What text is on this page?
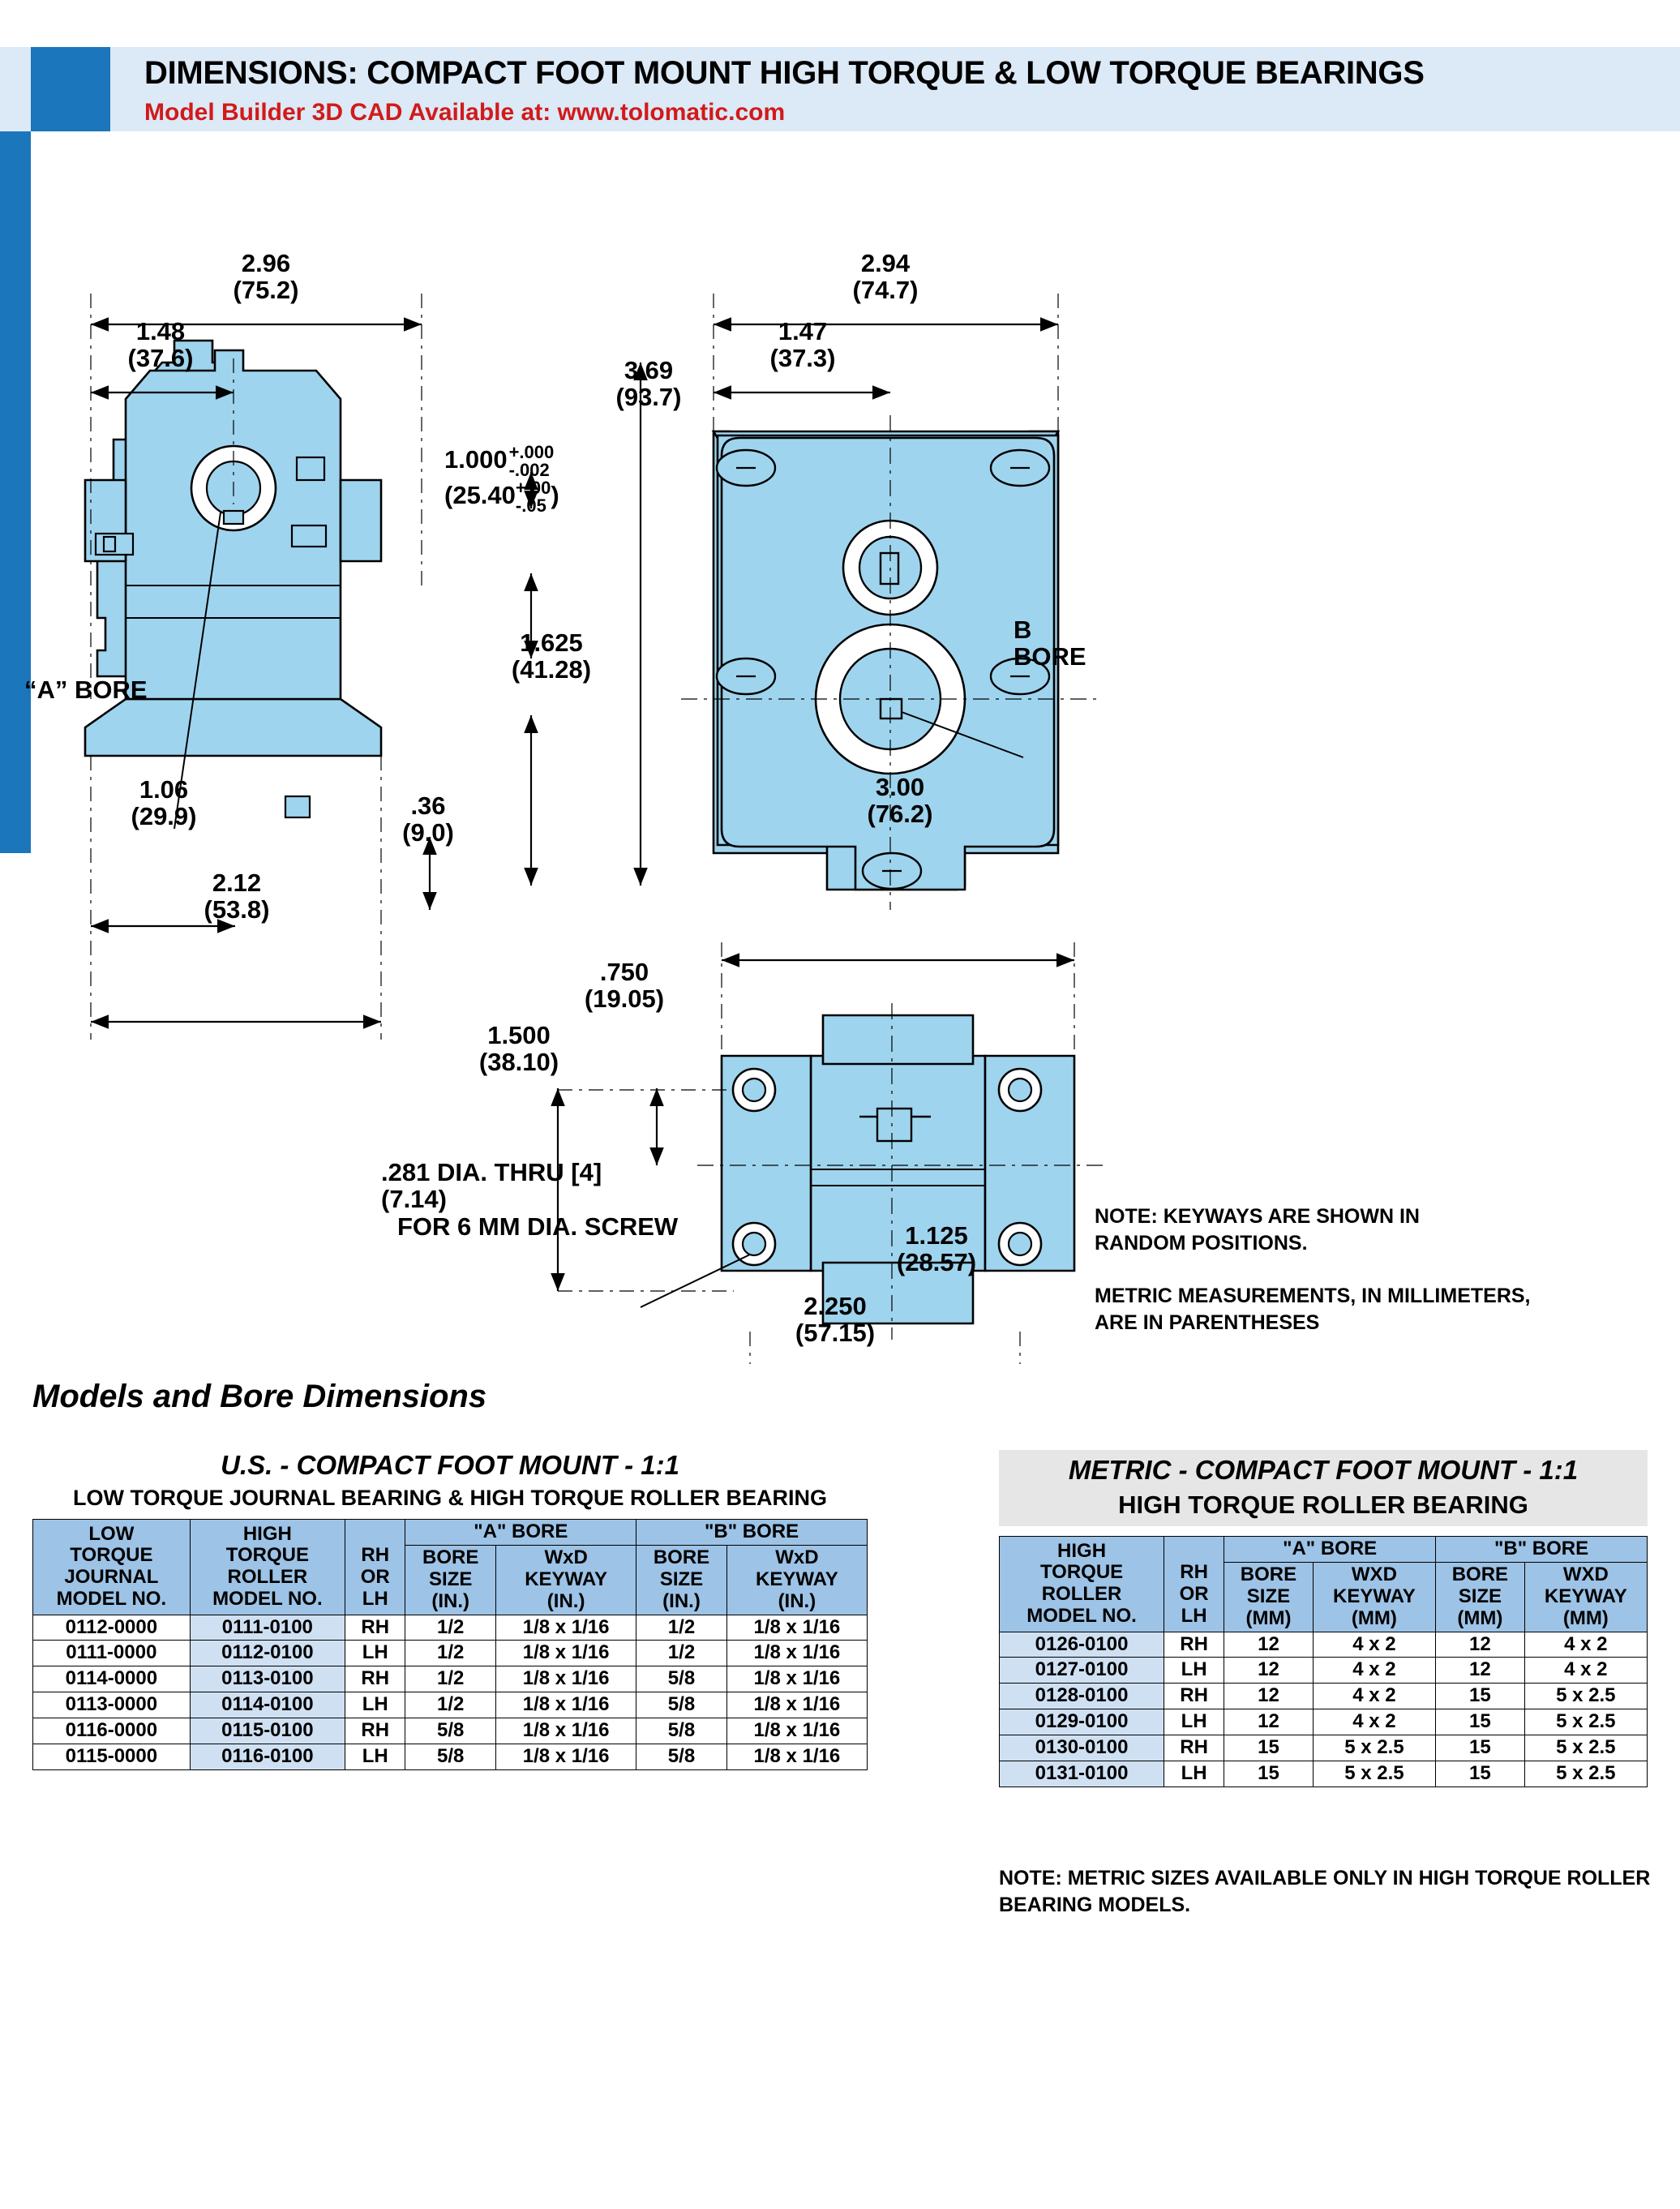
DIMENSIONS: COMPACT FOOT MOUNT HIGH TORQUE & LOW TORQUE BEARINGS
Model Builder 3D CAD Available at: www.tolomatic.com
2.96
(75.2)
1.48
(37.6)
2.94
(74.7)
1.47
(37.3)
3.69
(93.7)
1.625
(41.28)
1.06
(29.9)	.36
(9.0)
2.12
(53.8)
3.00
(76.2)
1.500
(38.10)
.750
(19.05)
1.125
(28.57)
2.250
(57.15)
1.000+.000
-.002
(25.40+.00
-.05 )
“A” BORE
B
BORE
.281 DIA. THRU [4]
(7.14)
FOR 6 MM DIA. SCREW	NOTE: KEYWAYS ARE SHOWN IN
RANDOM POSITIONS.
METRIC MEASUREMENTS, IN MILLIMETERS,
ARE IN PARENTHESES
Models and Bore Dimensions
U.S. - COMPACT FOOT MOUNT - 1:1
LOW TORQUE JOURNAL BEARING & HIGH TORQUE ROLLER BEARING
LOW
TORQUE
JOURNAL
MODEL NO.	HIGH
TORQUE
ROLLER
MODEL NO.	RH
OR
LH	"A" BORE		"B" BORE	
			BORE
SIZE
(IN.)	WxD
KEYWAY
(IN.)	BORE
SIZE
(IN.)	WxD
KEYWAY
(IN.)
0112-0000	0111-0100	RH	1/2	1/8 x 1/16	1/2	1/8 x 1/16
0111-0000	0112-0100	LH	1/2	1/8 x 1/16	1/2	1/8 x 1/16
0114-0000	0113-0100	RH	1/2	1/8 x 1/16	5/8	1/8 x 1/16
0113-0000	0114-0100	LH	1/2	1/8 x 1/16	5/8	1/8 x 1/16
0116-0000	0115-0100	RH	5/8	1/8 x 1/16	5/8	1/8 x 1/16
0115-0000	0116-0100	LH	5/8	1/8 x 1/16	5/8	1/8 x 1/16
METRIC - COMPACT FOOT MOUNT - 1:1
HIGH TORQUE ROLLER BEARING
HIGH
TORQUE
ROLLER
MODEL NO.	RH
OR
LH	"A" BORE		"B" BORE	
		BORE
SIZE
(MM)	WXD
KEYWAY
(MM)	BORE
SIZE
(MM)	WXD
KEYWAY
(MM)
0126-0100	RH	12	4 x 2	12	4 x 2
0127-0100	LH	12	4 x 2	12	4 x 2
0128-0100	RH	12	4 x 2	15	5 x 2.5
0129-0100	LH	12	4 x 2	15	5 x 2.5
0130-0100	RH	15	5 x 2.5	15	5 x 2.5
0131-0100	LH	15	5 x 2.5	15	5 x 2.5
NOTE: METRIC SIZES AVAILABLE ONLY IN HIGH TORQUE ROLLER
BEARING MODELS.
